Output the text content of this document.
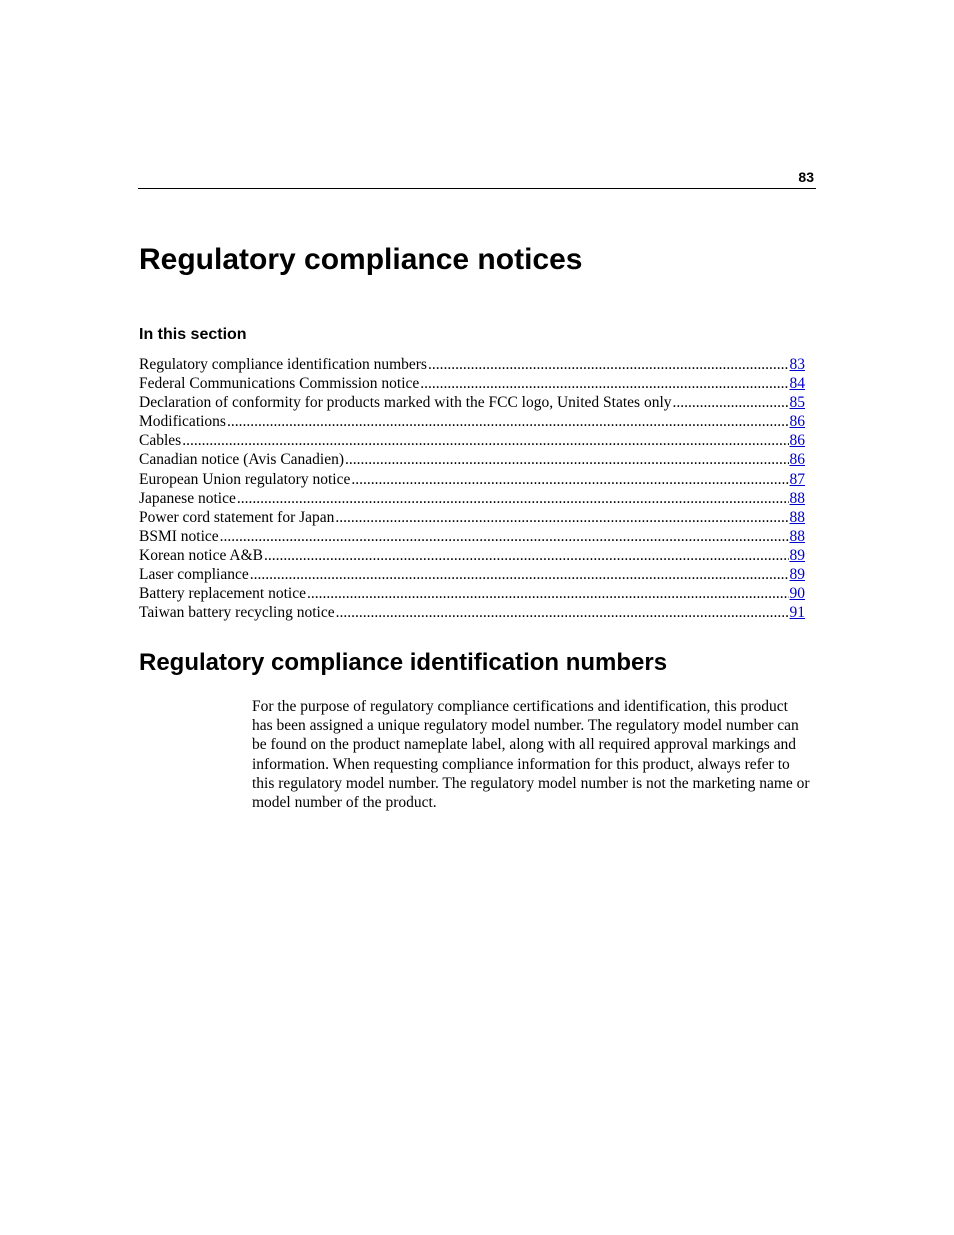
83
Regulatory compliance notices
In this section
Regulatory compliance identification numbers .....	83
Federal Communications Commission notice .....	84
Declaration of conformity for products marked with the FCC logo, United States only .....	85
Modifications .....	86
Cables .....	86
Canadian notice (Avis Canadien) .....	86
European Union regulatory notice .....	87
Japanese notice .....	88
Power cord statement for Japan .....	88
BSMI notice .....	88
Korean notice A&B .....	89
Laser compliance .....	89
Battery replacement notice .....	90
Taiwan battery recycling notice .....	91
Regulatory compliance identification numbers

For the purpose of regulatory compliance certifications and identification, this product has been assigned a unique regulatory model number. The regulatory model number can be found on the product nameplate label, along with all required approval markings and information. When requesting compliance information for this product, always refer to this regulatory model number. The regulatory model number is not the marketing name or model number of the product.
